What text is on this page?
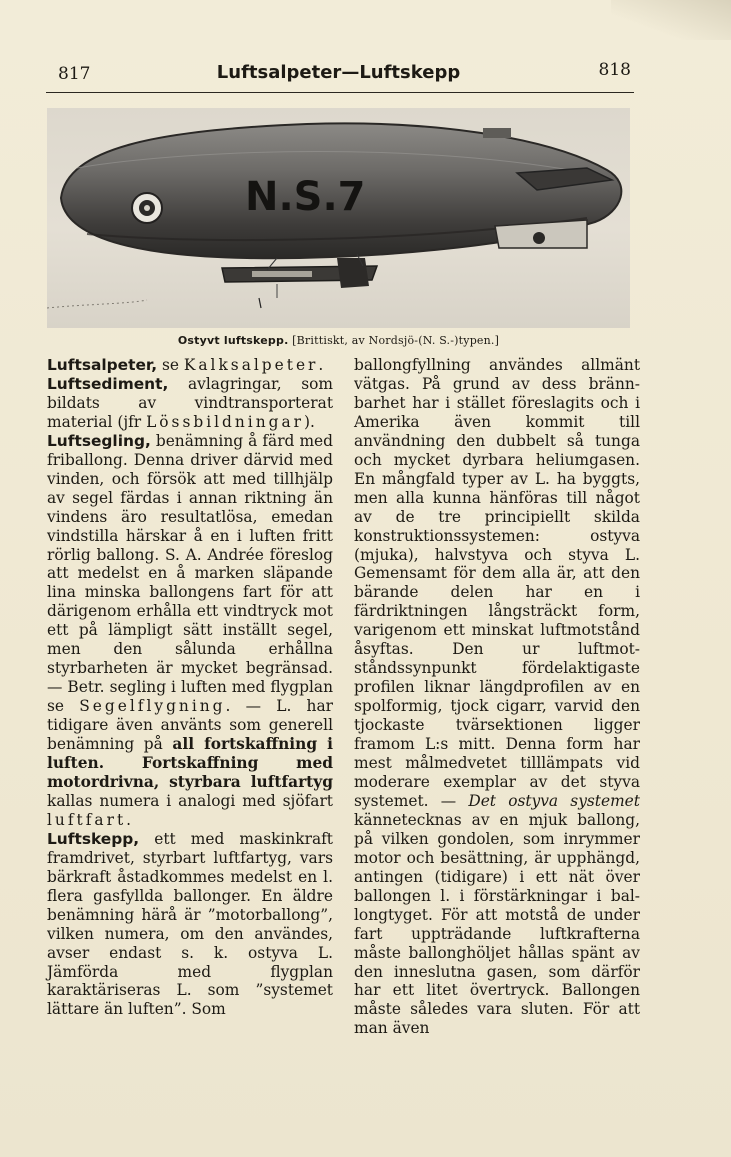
817	Luftsalpeter—Luftskepp	818
N.S.7
Ostyvt luftskepp. [Brittiskt, av Nordsjö-(N. S.-)typen.]

Luftsalpeter, se Kalksalpeter.

Luftsediment, avlagringar, som bildats av vindtransporterat material (jfr Lössbildningar).

Luftsegling, benämning å färd med friballong. Denna driver därvid med vinden, och försök att med tillhjälp av segel färdas i annan riktning än vindens äro resultatlösa, emedan vindstilla härskar å en i luften fritt rörlig ballong. S. A. Andrée föreslog att medelst en å marken släpande lina minska ballongens fart för att därigenom erhålla ett vindtryck mot ett på lämpligt sätt inställt segel, men den sålunda erhållna styrbarheten är mycket begränsad. — Betr. segling i luften med flygplan se Segelflygning. — L. har tidigare även använts som generell benämning på all fortskaffning i luften. Fortskaffning med motordrivna, styrbara luftfartyg kallas numera i analogi med sjöfart luftfart.

Luftskepp, ett med maskinkraft framdrivet, styrbart luftfartyg, vars bärkraft åstadkommes medelst en l. flera gasfyllda ballonger. En äldre benämning härå är ”motorballong”, vilken numera, om den användes, avser endast s. k. ostyva L. Jämförda med flygplan karaktäriseras L. som ”systemet lättare än luften”. Som

ballongfyllning användes allmänt vätgas. På grund av dess brännbarhet har i stället föreslagits och i Amerika även kommit till användning den dubbelt så tunga och mycket dyrbara heliumgasen. En mångfald typer av L. ha byggts, men alla kunna hänföras till något av de tre principiellt skilda konstruktionssystemen: ostyva (mjuka), halvstyva och styva L. Gemensamt för dem alla är, att den bärande delen har en i färdriktningen långsträckt form, varigenom ett minskat luftmotstånd åsyftas. Den ur luftmotståndssynpunkt fördelaktigaste profilen liknar längdprofilen av en spolformig, tjock cigarr, varvid den tjockaste tvärsektionen ligger framom L:s mitt. Denna form har mest målmedvetet tilllämpats vid moderare exemplar av det styva systemet. — Det ostyva systemet kännetecknas av en mjuk ballong, på vilken gondolen, som inrymmer motor och besättning, är upphängd, antingen (tidigare) i ett nät över ballongen l. i förstärkningar i ballongtyget. För att motstå de under fart uppträdande luftkrafterna måste ballonghöljet hållas spänt av den inneslutna gasen, som därför har ett litet övertryck. Ballongen måste således vara sluten. För att man även
